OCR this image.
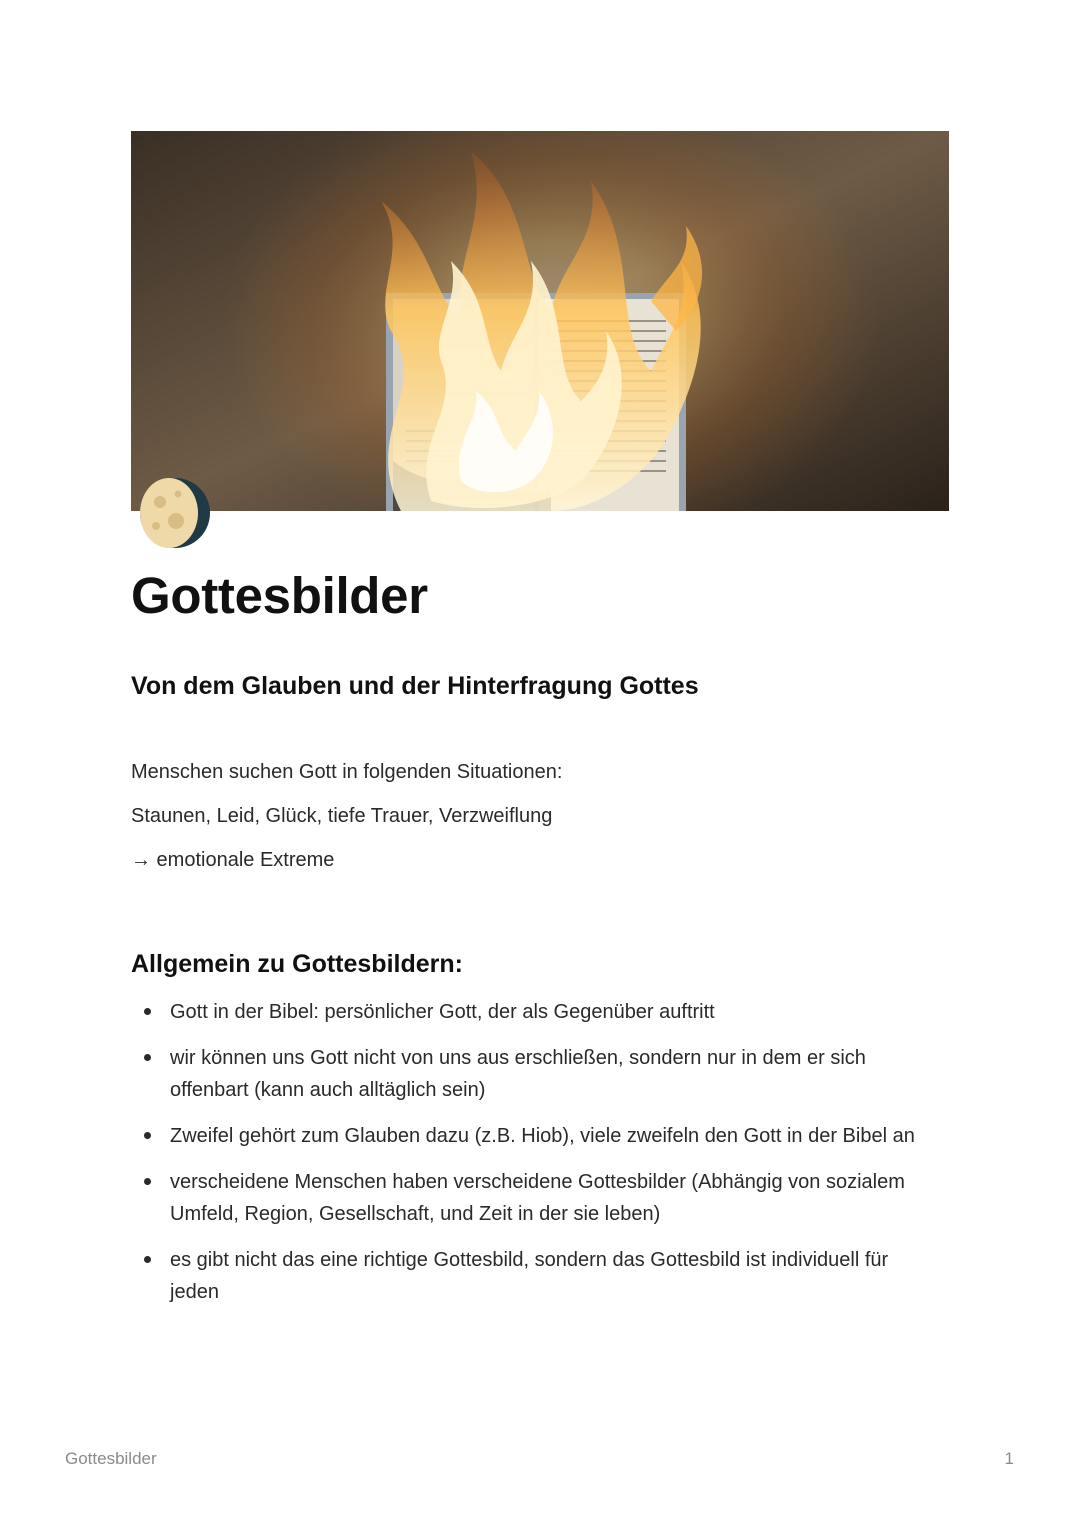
Gottesbilder
Von dem Glauben und der Hinterfragung Gottes

Menschen suchen Gott in folgenden Situationen:

Staunen, Leid, Glück, tiefe Trauer, Verzweiflung

→ emotionale Extreme

Allgemein zu Gottesbildern:
Gott in der Bibel: persönlicher Gott, der als Gegenüber auftritt
wir können uns Gott nicht von uns aus erschließen, sondern nur in dem er sich offenbart (kann auch alltäglich sein)
Zweifel gehört zum Glauben dazu (z.B. Hiob), viele zweifeln den Gott in der Bibel an
verscheidene Menschen haben verscheidene Gottesbilder (Abhängig von sozialem Umfeld, Region, Gesellschaft, und Zeit in der sie leben)
es gibt nicht das eine richtige Gottesbild, sondern das Gottesbild ist individuell für jeden
Gottesbilder	1
